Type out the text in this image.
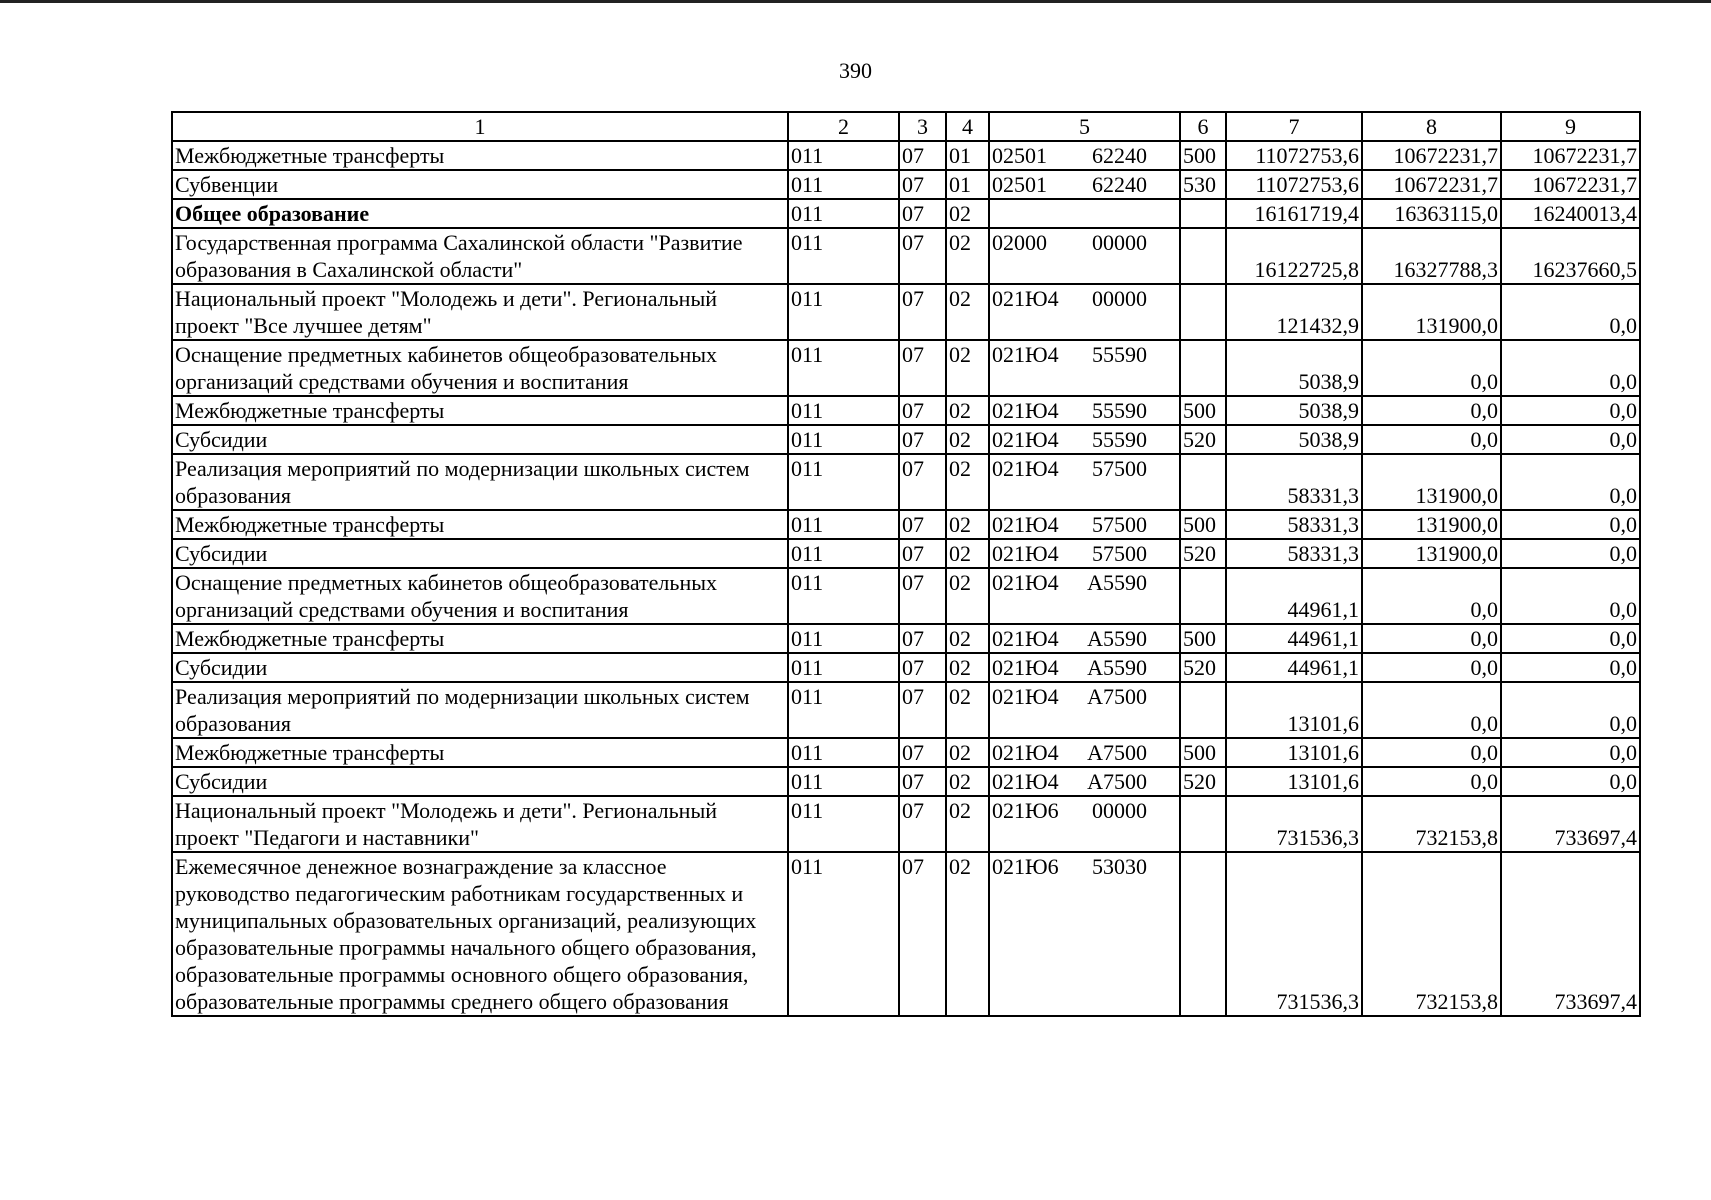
390
1	2	3	4	5	6	7	8	9
Межбюджетные трансферты	011	07	01	02501 62240	500	11072753,6	10672231,7	10672231,7
Субвенции	011	07	01	02501 62240	530	11072753,6	10672231,7	10672231,7
Общее образование	011	07	02			16161719,4	16363115,0	16240013,4
Государственная программа Сахалинской области "Развитие образования в Сахалинской области"	011	07	02	02000 00000		16122725,8	16327788,3	16237660,5
Национальный проект "Молодежь и дети". Региональный проект "Все лучшее детям"	011	07	02	021Ю4 00000		121432,9	131900,0	0,0
Оснащение предметных кабинетов общеобразовательных организаций средствами обучения и воспитания	011	07	02	021Ю4 55590		5038,9	0,0	0,0
Межбюджетные трансферты	011	07	02	021Ю4 55590	500	5038,9	0,0	0,0
Субсидии	011	07	02	021Ю4 55590	520	5038,9	0,0	0,0
Реализация мероприятий по модернизации школьных систем образования	011	07	02	021Ю4 57500		58331,3	131900,0	0,0
Межбюджетные трансферты	011	07	02	021Ю4 57500	500	58331,3	131900,0	0,0
Субсидии	011	07	02	021Ю4 57500	520	58331,3	131900,0	0,0
Оснащение предметных кабинетов общеобразовательных организаций средствами обучения и воспитания	011	07	02	021Ю4 А5590		44961,1	0,0	0,0
Межбюджетные трансферты	011	07	02	021Ю4 А5590	500	44961,1	0,0	0,0
Субсидии	011	07	02	021Ю4 А5590	520	44961,1	0,0	0,0
Реализация мероприятий по модернизации школьных систем образования	011	07	02	021Ю4 А7500		13101,6	0,0	0,0
Межбюджетные трансферты	011	07	02	021Ю4 А7500	500	13101,6	0,0	0,0
Субсидии	011	07	02	021Ю4 А7500	520	13101,6	0,0	0,0
Национальный проект "Молодежь и дети". Региональный проект "Педагоги и наставники"	011	07	02	021Ю6 00000		731536,3	732153,8	733697,4
Ежемесячное денежное вознаграждение за классное руководство педагогическим работникам государственных и муниципальных образовательных организаций, реализующих образовательные программы начального общего образования, образовательные программы основного общего образования, образовательные программы среднего общего образования	011	07	02	021Ю6 53030		731536,3	732153,8	733697,4
